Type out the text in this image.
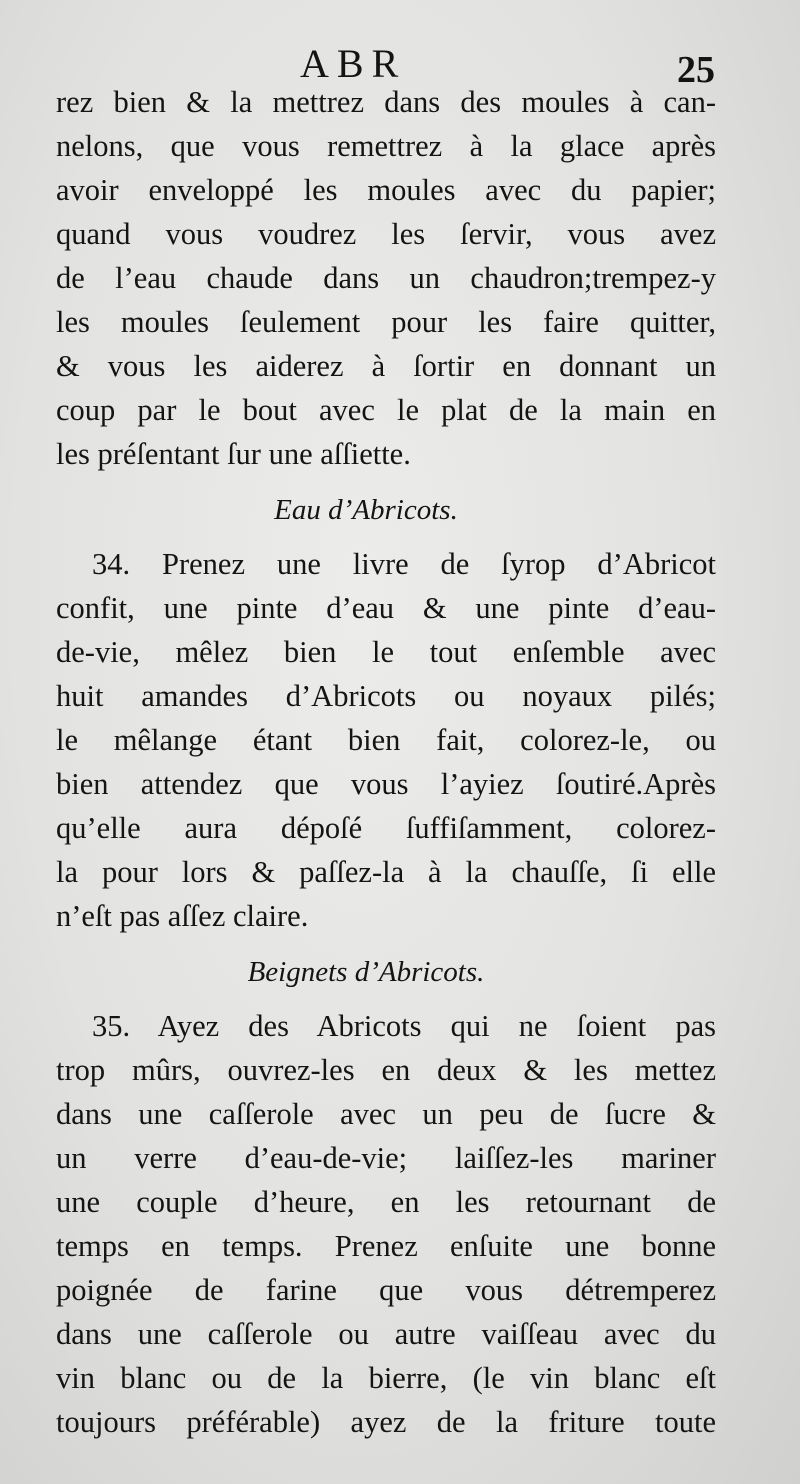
ABR	25
rez bien & la mettrez dans des moules à can-
nelons, que vous remettrez à la glace après
avoir enveloppé les moules avec du papier;
quand vous voudrez les ſervir, vous avez
de l’eau chaude dans un chaudron;trempez-y
les moules ſeulement pour les faire quitter,
& vous les aiderez à ſortir en donnant un
coup par le bout avec le plat de la main en
les préſentant ſur une aſſiette.
Eau d’Abricots.
34. Prenez une livre de ſyrop d’Abricot
confit, une pinte d’eau & une pinte d’eau-
de-vie, mêlez bien le tout enſemble avec
huit amandes d’Abricots ou noyaux pilés;
le mêlange étant bien fait, colorez-le, ou
bien attendez que vous l’ayiez ſoutiré.Après
qu’elle aura dépoſé ſuffiſamment, colorez-
la pour lors & paſſez-la à la chauſſe, ſi elle
n’eſt pas aſſez claire.
Beignets d’Abricots.
35. Ayez des Abricots qui ne ſoient pas
trop mûrs, ouvrez-les en deux & les mettez
dans une caſſerole avec un peu de ſucre &
un verre d’eau-de-vie; laiſſez-les mariner
une couple d’heure, en les retournant de
temps en temps. Prenez enſuite une bonne
poignée de farine que vous détremperez
dans une caſſerole ou autre vaiſſeau avec du
vin blanc ou de la bierre, (le vin blanc eſt
toujours préférable) ayez de la friture toute
